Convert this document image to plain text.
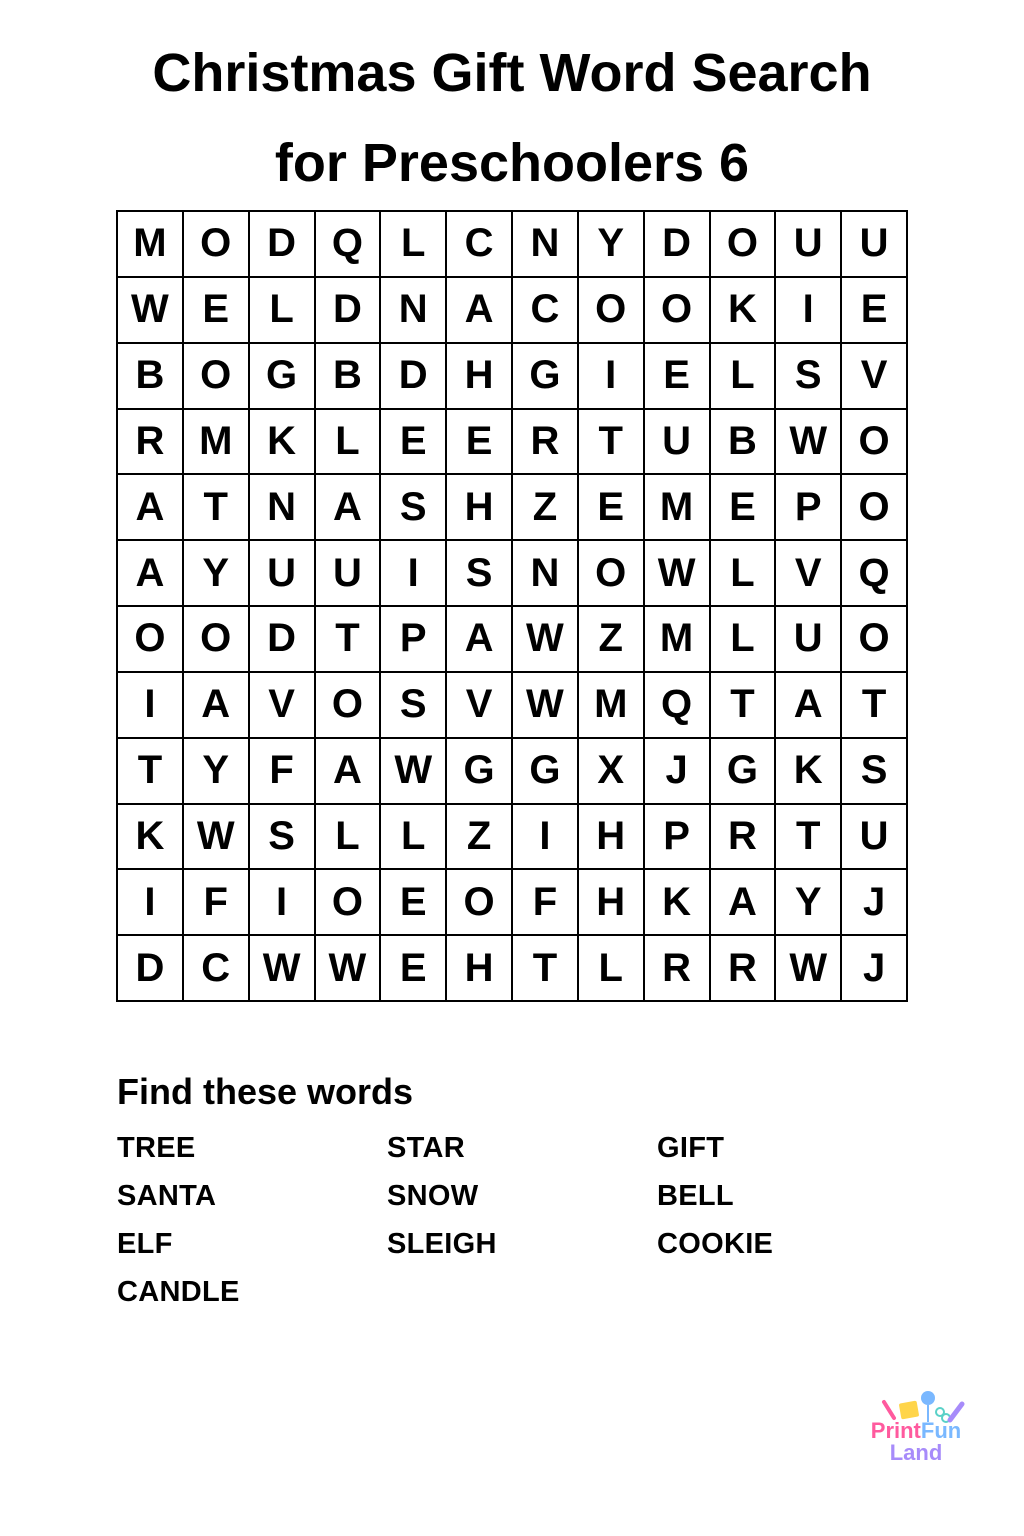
Christmas Gift Word Search
for Preschoolers 6
M O D Q L C N Y D O U U
W E	L D N A C O O K	I	E
B O G B D H G	I	E	L	S V
R M K L	E E R T U B W O
A T N A S H Z	E M E P O
A Y U U	I	S N O W L	V Q
O O D T	P A W Z M L U O
I	A V O S V W M Q T A T
T	Y	F A W G G X	J G K S
K W S	L	L	Z	I	H P R T U
I	F	I	O E O F H K A Y	J
D C W W E H T	L R R W J
Find these words
TREE	STAR	GIFT
SANTA	SNOW	BELL
ELF	SLEIGH	COOKIE
CANDLE
PrintFun
Land
